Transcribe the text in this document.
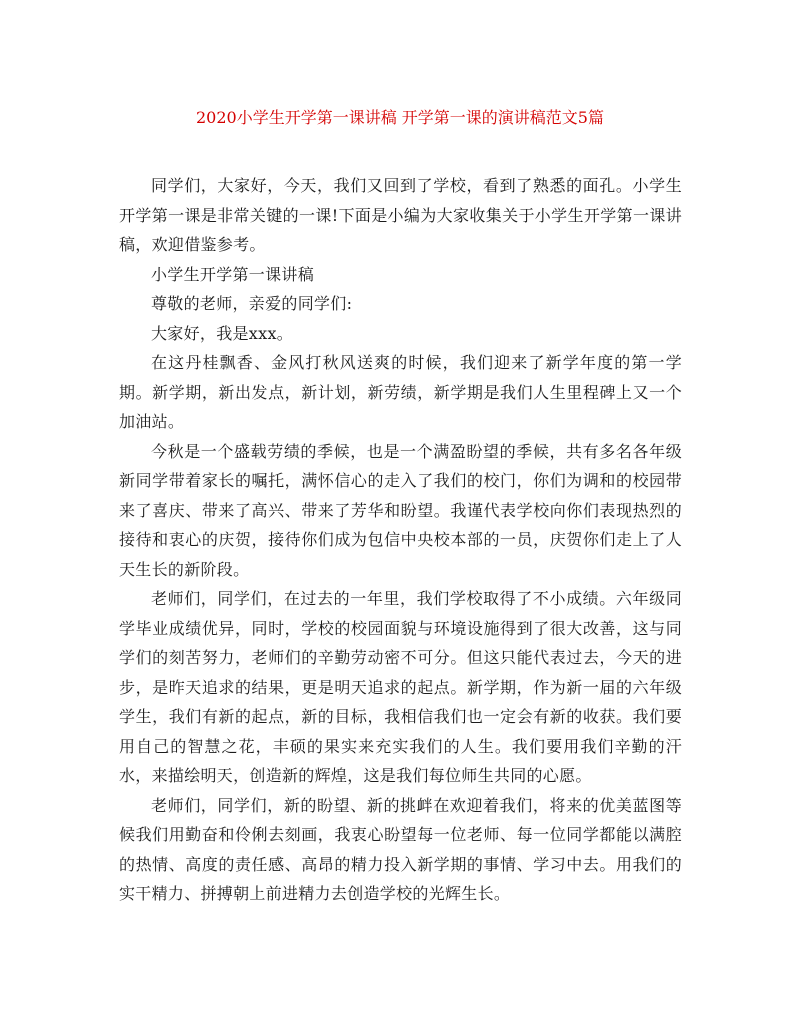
2020小学生开学第一课讲稿 开学第一课的演讲稿范文5篇

同学们，大家好，今天，我们又回到了学校，看到了熟悉的面孔。小学生开学第一课是非常关键的一课!下面是小编为大家收集关于小学生开学第一课讲稿，欢迎借鉴参考。

小学生开学第一课讲稿

尊敬的老师，亲爱的同学们:

大家好，我是xxx。

在这丹桂飘香、金风打秋风送爽的时候，我们迎来了新学年度的第一学期。新学期，新出发点，新计划，新劳绩，新学期是我们人生里程碑上又一个加油站。

今秋是一个盛载劳绩的季候，也是一个满盈盼望的季候，共有多名各年级新同学带着家长的嘱托，满怀信心的走入了我们的校门，你们为调和的校园带来了喜庆、带来了高兴、带来了芳华和盼望。我谨代表学校向你们表现热烈的接待和衷心的庆贺，接待你们成为包信中央校本部的一员，庆贺你们走上了人天生长的新阶段。

老师们，同学们，在过去的一年里，我们学校取得了不小成绩。六年级同学毕业成绩优异，同时，学校的校园面貌与环境设施得到了很大改善，这与同学们的刻苦努力，老师们的辛勤劳动密不可分。但这只能代表过去，今天的进步，是昨天追求的结果，更是明天追求的起点。新学期，作为新一届的六年级学生，我们有新的起点，新的目标，我相信我们也一定会有新的收获。我们要用自己的智慧之花，丰硕的果实来充实我们的人生。我们要用我们辛勤的汗水，来描绘明天，创造新的辉煌，这是我们每位师生共同的心愿。

老师们，同学们，新的盼望、新的挑衅在欢迎着我们，将来的优美蓝图等候我们用勤奋和伶俐去刻画，我衷心盼望每一位老师、每一位同学都能以满腔的热情、高度的责任感、高昂的精力投入新学期的事情、学习中去。用我们的实干精力、拼搏朝上前进精力去创造学校的光辉生长。
